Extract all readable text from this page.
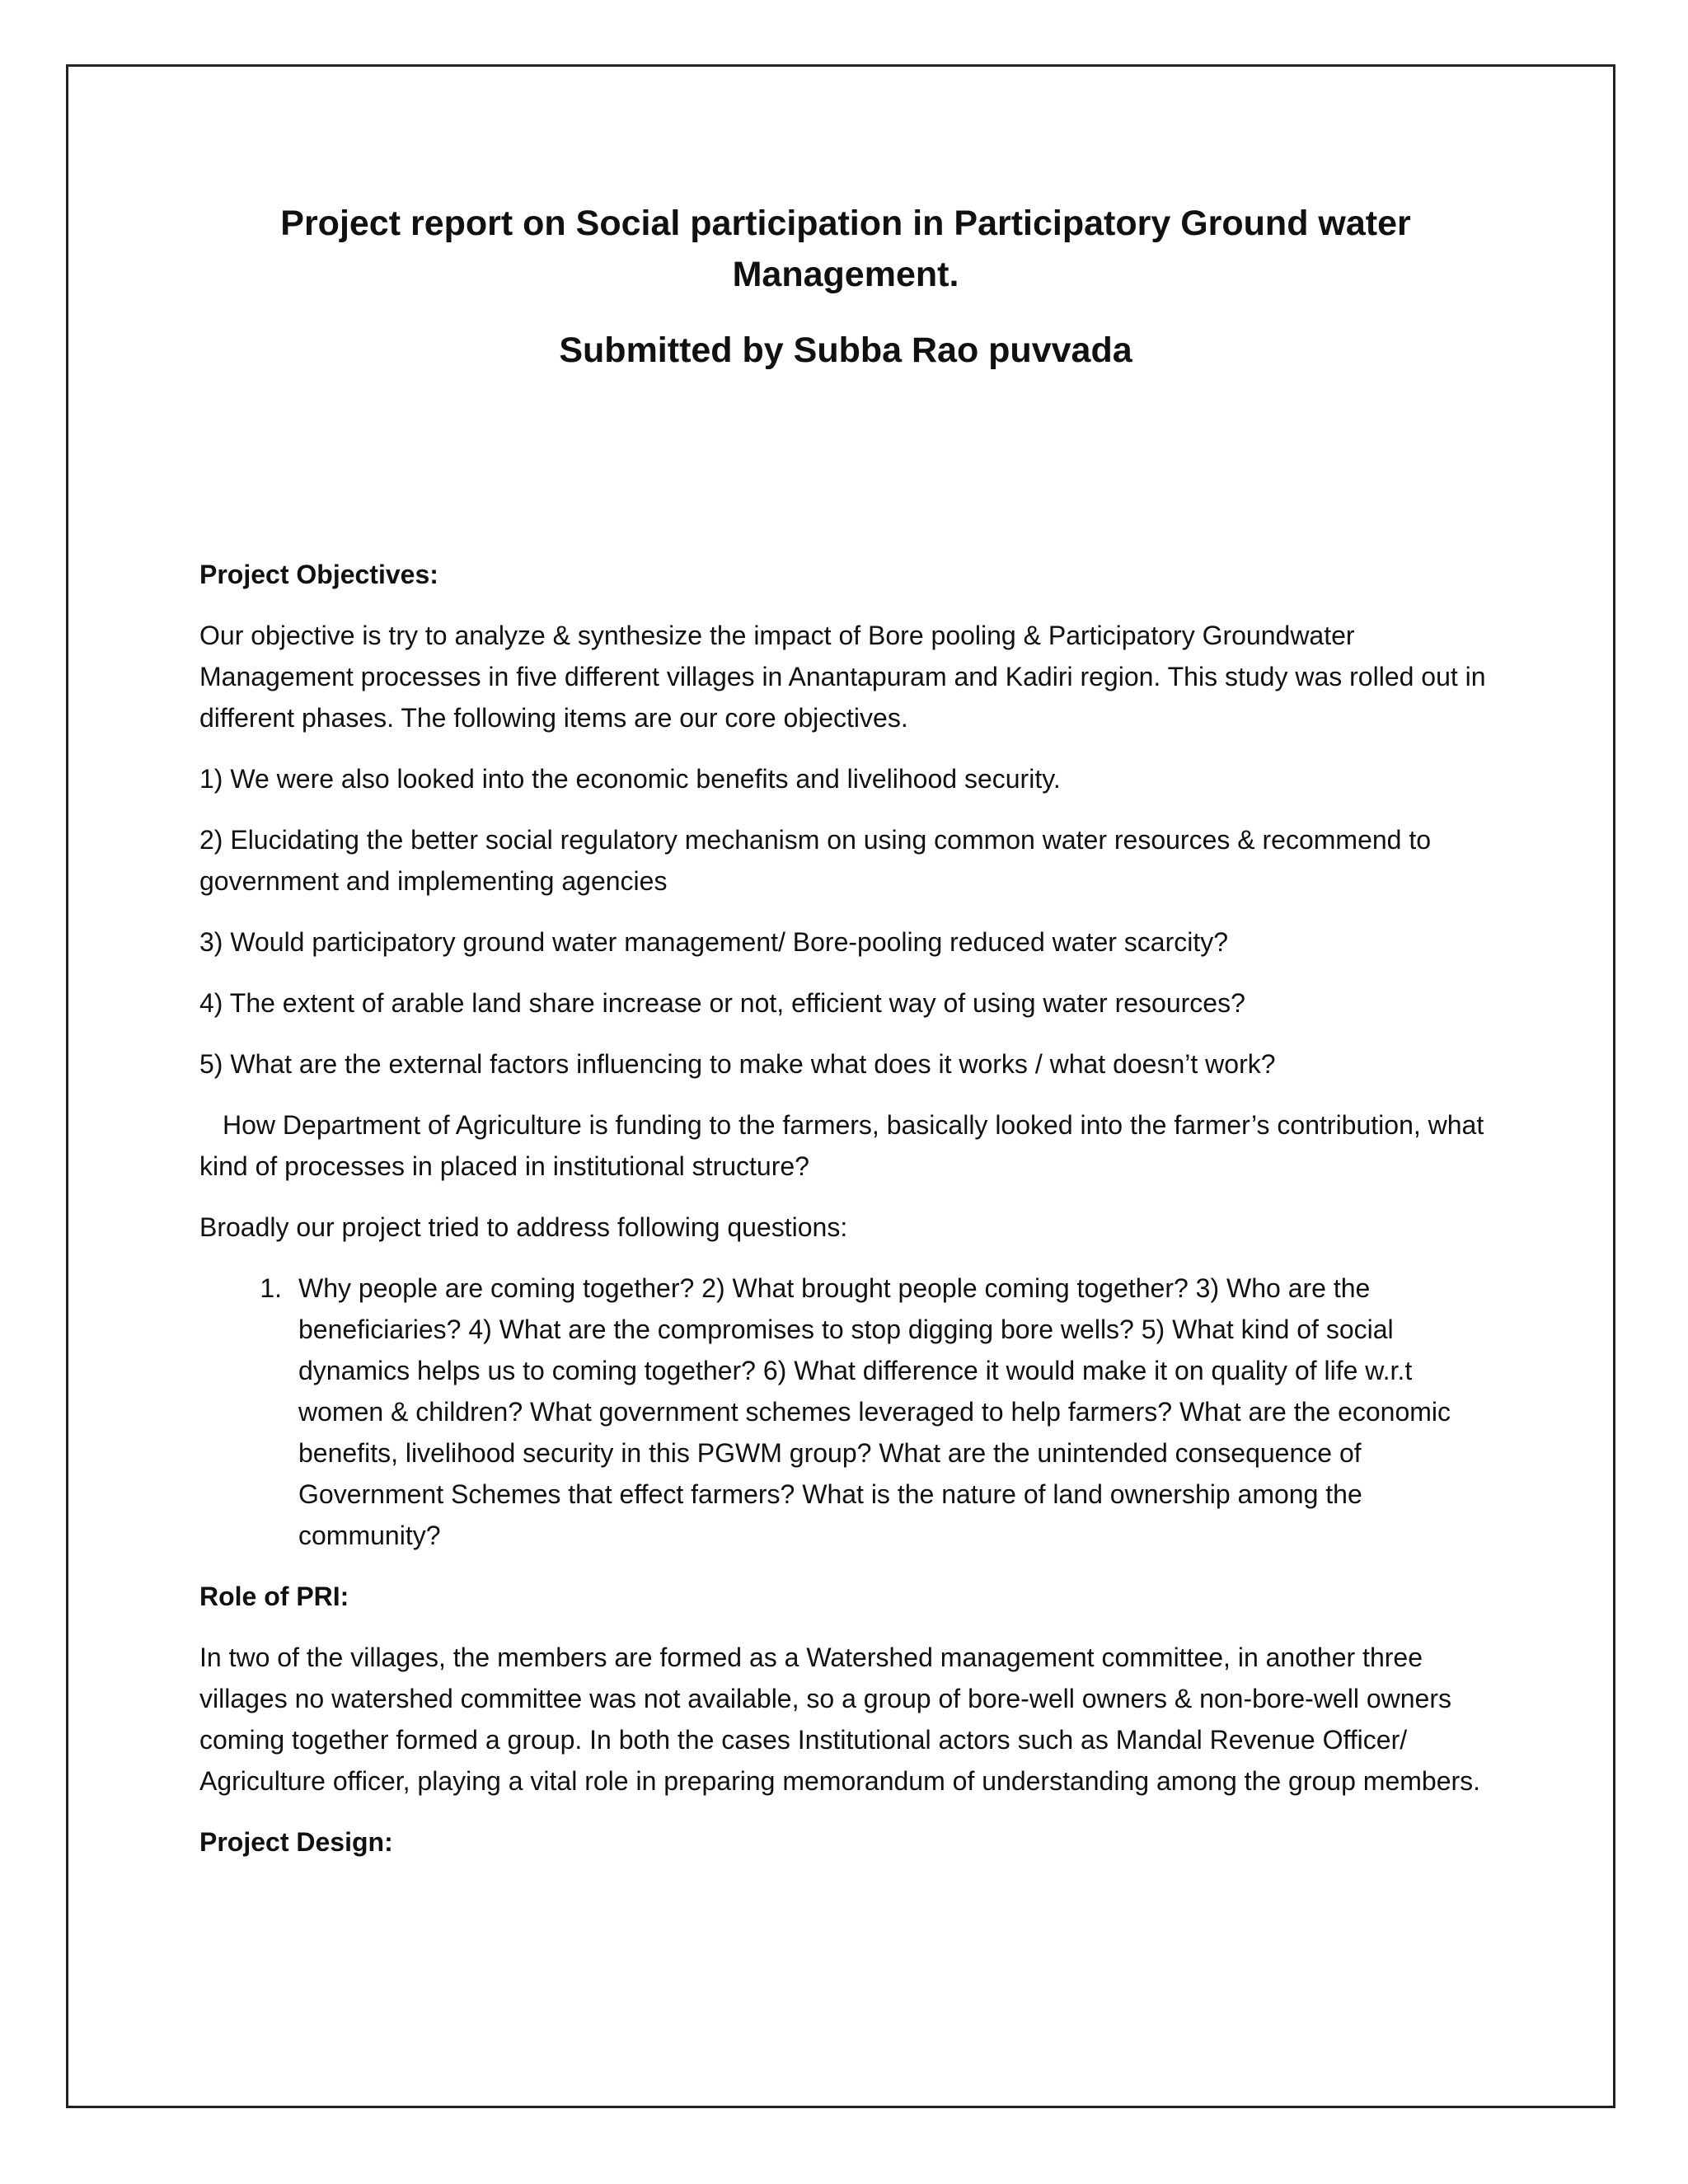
Project report on Social participation in Participatory Ground water
Management.

Submitted by Subba Rao puvvada

Project Objectives:

Our objective is try to analyze & synthesize the impact of Bore pooling & Participatory Groundwater Management processes in five different villages in Anantapuram and Kadiri region. This study was rolled out in different phases. The following items are our core objectives.

1) We were also looked into the economic benefits and livelihood security.

2) Elucidating the better social regulatory mechanism on using common water resources & recommend to government and implementing agencies

3) Would participatory ground water management/ Bore-pooling reduced water scarcity?

4) The extent of arable land share increase or not, efficient way of using water resources?

5) What are the external factors influencing to make what does it works / what doesn’t work?

How Department of Agriculture is funding to the farmers, basically looked into the farmer’s contribution, what kind of processes in placed in institutional structure?

Broadly our project tried to address following questions:

1. Why people are coming together? 2) What brought people coming together? 3) Who are the beneficiaries? 4) What are the compromises to stop digging bore wells? 5) What kind of social dynamics helps us to coming together? 6) What difference it would make it on quality of life w.r.t women & children? What government schemes leveraged to help farmers? What are the economic benefits, livelihood security in this PGWM group? What are the unintended consequence of Government Schemes that effect farmers? What is the nature of land ownership among the community?

Role of PRI:

In two of the villages, the members are formed as a Watershed management committee, in another three villages no watershed committee was not available, so a group of bore-well owners & non-bore-well owners coming together formed a group. In both the cases Institutional actors such as Mandal Revenue Officer/ Agriculture officer, playing a vital role in preparing memorandum of understanding among the group members.

Project Design:
